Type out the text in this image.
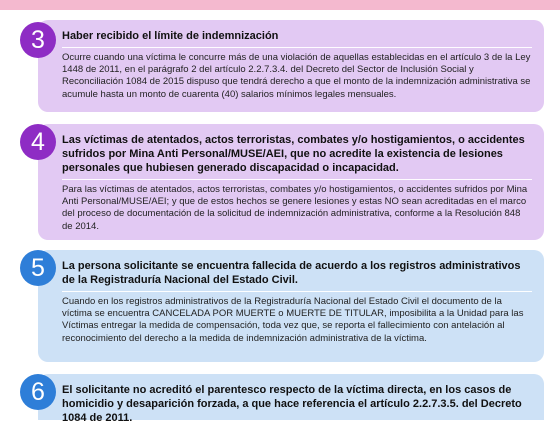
3	Haber recibido el límite de indemnización

Ocurre cuando una víctima le concurre más de una violación de aquellas establecidas en el artículo 3 de la Ley 1448 de 2011, en el parágrafo 2 del artículo 2.2.7.3.4. del Decreto del Sector de Inclusión Social y Reconciliación 1084 de 2015 dispuso que tendrá derecho a que el monto de la indemnización administrativa se acumule hasta un monto de cuarenta (40) salarios mínimos legales mensuales.

4	Las víctimas de atentados, actos terroristas, combates y/o hostigamientos, o accidentes sufridos por Mina Anti Personal/MUSE/AEI, que no acredite la existencia de lesiones personales que hubiesen generado discapacidad o incapacidad.

Para las víctimas de atentados, actos terroristas, combates y/o hostigamientos, o accidentes sufridos por Mina Anti Personal/MUSE/AEI; y que de estos hechos se genere lesiones y estas NO sean acreditadas en el marco del proceso de documentación de la solicitud de indemnización administrativa, conforme a la Resolución 848 de 2014.

5	La persona solicitante se encuentra fallecida de acuerdo a los registros administrativos de la Registraduría Nacional del Estado Civil.

Cuando en los registros administrativos de la Registraduría Nacional del Estado Civil el documento de la víctima se encuentra CANCELADA POR MUERTE o MUERTE DE TITULAR, imposibilita a la Unidad para las Víctimas entregar la medida de compensación, toda vez que, se reporta el fallecimiento con antelación al reconocimiento del derecho a la medida de indemnización administrativa de la víctima.

6	El solicitante no acreditó el parentesco respecto de la víctima directa, en los casos de homicidio y desaparición forzada, a que hace referencia el artículo 2.2.7.3.5. del Decreto 1084 de 2011.
